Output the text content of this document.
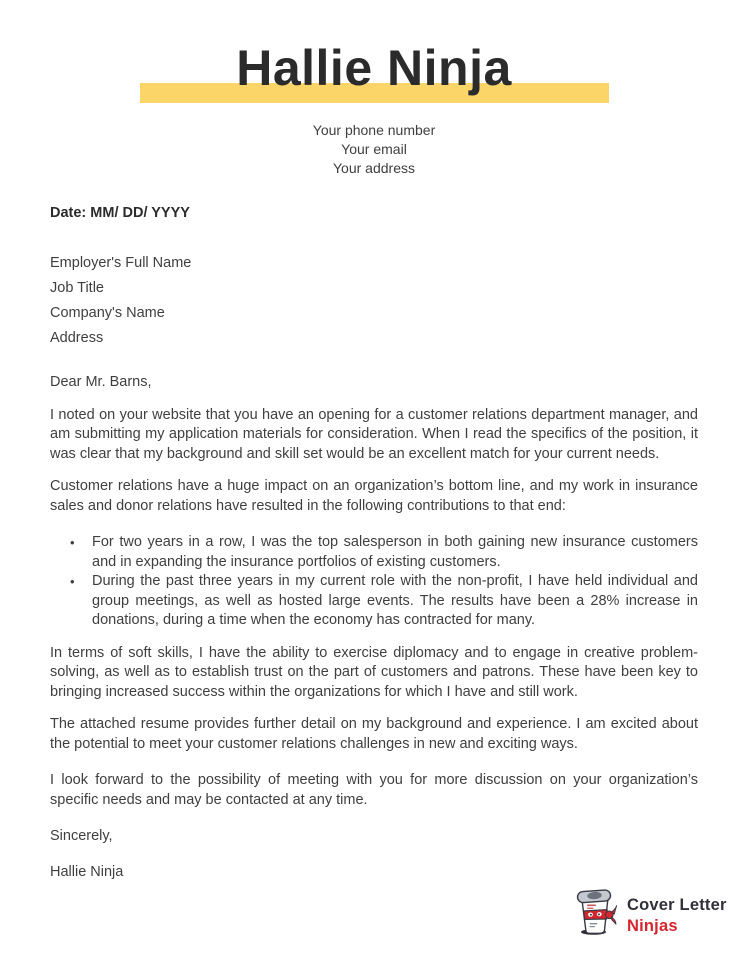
Hallie Ninja
Your phone number
Your email
Your address

Date: MM/ DD/ YYYY

Employer's Full Name
Job Title
Company's Name
Address

Dear Mr. Barns,

I noted on your website that you have an opening for a customer relations department manager, and am submitting my application materials for consideration. When I read the specifics of the position, it was clear that my background and skill set would be an excellent match for your current needs.

Customer relations have a huge impact on an organization’s bottom line, and my work in insurance sales and donor relations have resulted in the following contributions to that end:

• For two years in a row, I was the top salesperson in both gaining new insurance customers and in expanding the insurance portfolios of existing customers.
• During the past three years in my current role with the non-profit, I have held individual and group meetings, as well as hosted large events. The results have been a 28% increase in donations, during a time when the economy has contracted for many.

In terms of soft skills, I have the ability to exercise diplomacy and to engage in creative problem-solving, as well as to establish trust on the part of customers and patrons. These have been key to bringing increased success within the organizations for which I have and still work.

The attached resume provides further detail on my background and experience. I am excited about the potential to meet your customer relations challenges in new and exciting ways.

I look forward to the possibility of meeting with you for more discussion on your organization’s specific needs and may be contacted at any time.

Sincerely,

Hallie Ninja

Cover Letter
Ninjas
